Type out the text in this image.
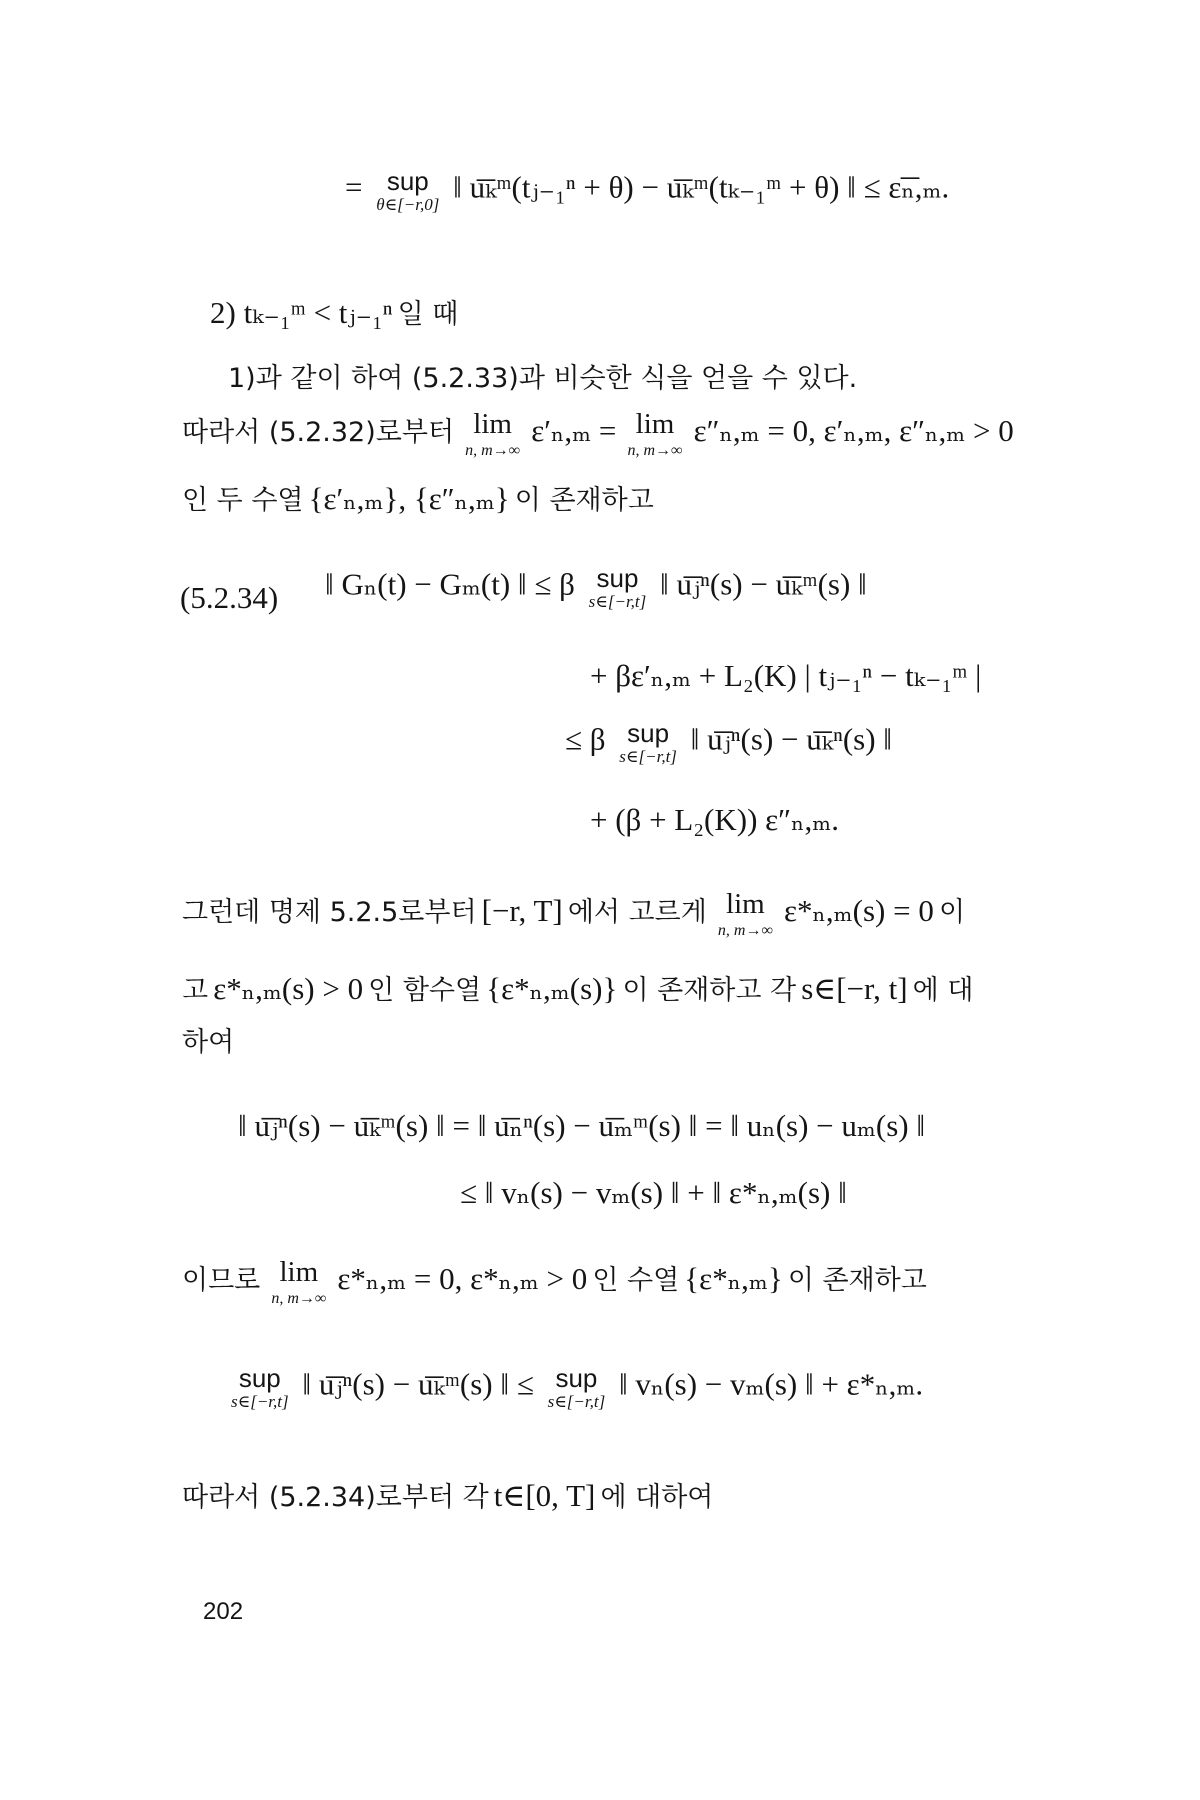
= sup
θ∈[−r,0] ‖ u͞ₖᵐ(tⱼ₋₁ⁿ + θ) − u͞ₖᵐ(tₖ₋₁ᵐ + θ) ‖ ≤ ε͞ₙ,ₘ.
2) tₖ₋₁ᵐ < tⱼ₋₁ⁿ 일 때
1)과 같이 하여 (5.2.33)과 비슷한 식을 얻을 수 있다.
따라서 (5.2.32)로부터 lim
n, m→∞
ε′ₙ,ₘ = lim
n, m→∞
ε″ₙ,ₘ = 0, ε′ₙ,ₘ, ε″ₙ,ₘ > 0
인 두 수열 {ε′ₙ,ₘ}, {ε″ₙ,ₘ} 이 존재하고
(5.2.34) ‖ Gₙ(t) − Gₘ(t) ‖ ≤ β sup
s∈[−r,t] ‖ u͞ⱼⁿ(s) − u͞ₖᵐ(s) ‖
+ βε′ₙ,ₘ + L₂(K) | tⱼ₋₁ⁿ − tₖ₋₁ᵐ |
≤ β sup
s∈[−r,t] ‖ u͞ⱼⁿ(s) − u͞ₖⁿ(s) ‖
+ (β + L₂(K)) ε″ₙ,ₘ.
그런데 명제 5.2.5로부터 [−r, T] 에서 고르게 lim
n, m→∞
ε*ₙ,ₘ(s) = 0 이
고 ε*ₙ,ₘ(s) > 0 인 함수열 {ε*ₙ,ₘ(s)} 이 존재하고 각 s∈[−r, t] 에 대
하여
‖ u͞ⱼⁿ(s) − u͞ₖᵐ(s) ‖ = ‖ u͞ₙⁿ(s) − u͞ₘᵐ(s) ‖ = ‖ uₙ(s) − uₘ(s) ‖
≤ ‖ vₙ(s) − vₘ(s) ‖ + ‖ ε*ₙ,ₘ(s) ‖
이므로 lim
n, m→∞
ε*ₙ,ₘ = 0, ε*ₙ,ₘ > 0 인 수열 {ε*ₙ,ₘ} 이 존재하고
sup
s∈[−r,t] ‖ u͞ⱼⁿ(s) − u͞ₖᵐ(s) ‖ ≤ sup
s∈[−r,t] ‖ vₙ(s) − vₘ(s) ‖ + ε*ₙ,ₘ.
따라서 (5.2.34)로부터 각 t∈[0, T] 에 대하여
202
